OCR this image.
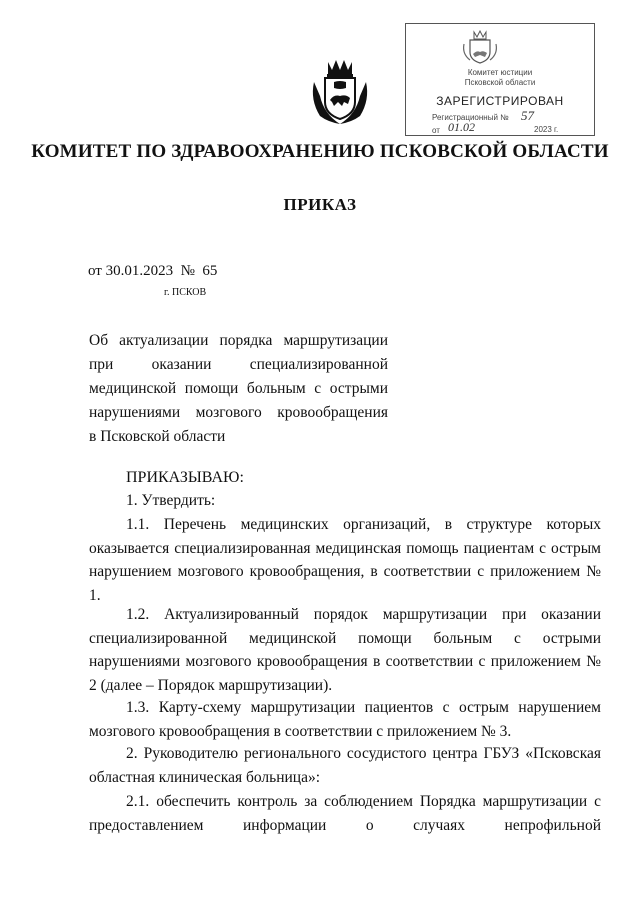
Комитет юстиции
Псковской области
ЗАРЕГИСТРИРОВАН
Регистрационный № 57
от 01.02	2023 г.
КОМИТЕТ ПО ЗДРАВООХРАНЕНИЮ ПСКОВСКОЙ ОБЛАСТИ
ПРИКАЗ
от 30.01.2023  №  65
г. ПСКОВ
Об актуализации порядка маршрутизации
при оказании специализированной
медицинской помощи больным с острыми
нарушениями мозгового кровообращения
в Псковской области
ПРИКАЗЫВАЮ:
1. Утвердить:
1.1. Перечень медицинских организаций, в структуре которых оказывается специализированная медицинская помощь пациентам с острым нарушением мозгового кровообращения, в соответствии с приложением № 1.
1.2. Актуализированный порядок маршрутизации при оказании специализированной медицинской помощи больным с острыми нарушениями мозгового кровообращения в соответствии с приложением № 2 (далее – Порядок маршрутизации).
1.3. Карту-схему маршрутизации пациентов с острым нарушением мозгового кровообращения в соответствии с приложением № 3.
2. Руководителю регионального сосудистого центра ГБУЗ «Псковская областная клиническая больница»:
2.1. обеспечить контроль за соблюдением Порядка маршрутизации с предоставлением информации о случаях непрофильной
